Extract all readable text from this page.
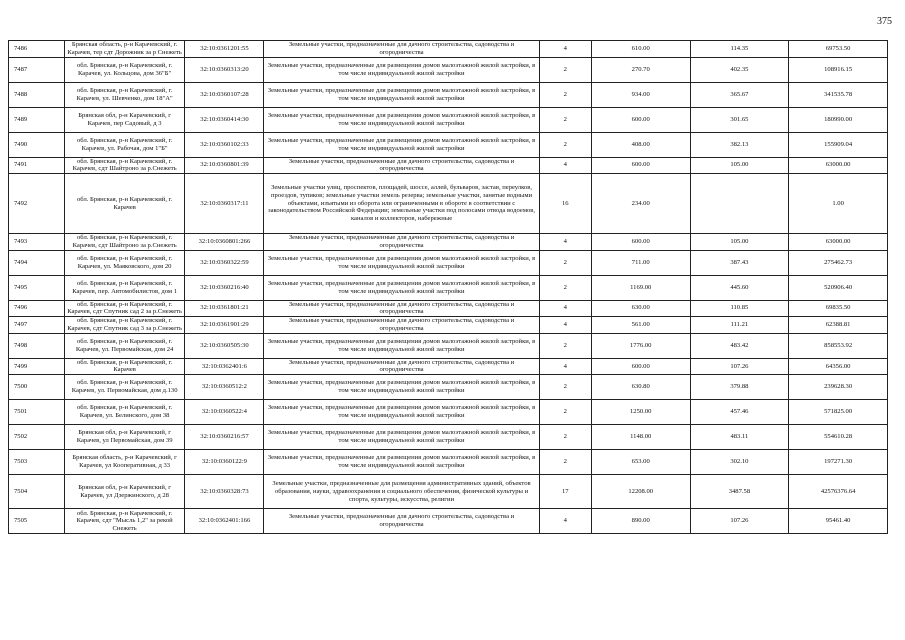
375
7486	Брянская область, р-н Карачевский, г. Карачев, тер сдт Дорожник за р Снежеть	32:10:0361201:55	Земельные участки, предназначенные для дачного строительства, садоводства и огородничества	4	610.00	114.35	69753.50
7487	обл. Брянская, р-н Карачевский, г. Карачев, ул. Кольцова, дом 36"Б"	32:10:0360313:20	Земельные участки, предназначенные для размещения домов малоэтажной жилой застройки, в том числе индивидуальной жилой застройки	2	270.70	402.35	108916.15
7488	обл. Брянская, р-н Карачевский, г. Карачев, ул. Шевченко, дом 18"А"	32:10:0360107:28	Земельные участки, предназначенные для размещения домов малоэтажной жилой застройки, в том числе индивидуальной жилой застройки	2	934.00	365.67	341535.78
7489	Брянская обл, р-н Карачевский, г Карачев, пер Садовый, д 3	32:10:0360414:30	Земельные участки, предназначенные для размещения домов малоэтажной жилой застройки, в том числе индивидуальной жилой застройки	2	600.00	301.65	180990.00
7490	обл. Брянская, р-н Карачевский, г. Карачев, ул. Рабочая, дом 1"Б"	32:10:0360102:33	Земельные участки, предназначенные для размещения домов малоэтажной жилой застройки, в том числе индивидуальной жилой застройки	2	408.00	382.13	155909.04
7491	обл. Брянская, р-н Карачевский, г. Карачев, сдт Шайтроно за р.Снежеть	32:10:0360801:39	Земельные участки, предназначенные для дачного строительства, садоводства и огородничества	4	600.00	105.00	63000.00
7492	обл. Брянская, р-н Карачевский, г. Карачев	32:10:0360317:11	Земельные участки улиц, проспектов, площадей, шоссе, аллей, бульваров, застав, переулков, проездов, тупиков; земельные участки земель резерва; земельные участки, занятые водными объектами, изъятыми из оборота или ограниченными в обороте в соответствии с законодательством Российской Федерации; земельные участки под полосами отвода водоемов, каналов и коллекторов, набережные	16	234.00		1.00
7493	обл. Брянская, р-н Карачевский, г. Карачев, сдт Шайтроно за р.Снежеть	32:10:0360801:266	Земельные участки, предназначенные для дачного строительства, садоводства и огородничества	4	600.00	105.00	63000.00
7494	обл. Брянская, р-н Карачевский, г. Карачев, ул. Маяковского, дом 20	32:10:0360322:59	Земельные участки, предназначенные для размещения домов малоэтажной жилой застройки, в том числе индивидуальной жилой застройки	2	711.00	387.43	275462.73
7495	обл. Брянская, р-н Карачевский, г. Карачев, пер. Автомобилистов, дом 1	32:10:0360216:40	Земельные участки, предназначенные для размещения домов малоэтажной жилой застройки, в том числе индивидуальной жилой застройки	2	1169.00	445.60	520906.40
7496	обл. Брянская, р-н Карачевский, г. Карачев, сдт Спутник сад 2 за р.Снежеть	32:10:0361801:21	Земельные участки, предназначенные для дачного строительства, садоводства и огородничества	4	630.00	110.85	69835.50
7497	обл. Брянская, р-н Карачевский, г. Карачев, сдт Спутник сад 3 за р.Снежеть	32:10:0361901:29	Земельные участки, предназначенные для дачного строительства, садоводства и огородничества	4	561.00	111.21	62388.81
7498	обл. Брянская, р-н Карачевский, г. Карачев, ул. Первомайская, дом 24	32:10:0360505:30	Земельные участки, предназначенные для размещения домов малоэтажной жилой застройки, в том числе индивидуальной жилой застройки	2	1776.00	483.42	858553.92
7499	обл. Брянская, р-н Карачевский, г. Карачев	32:10:0362401:6	Земельные участки, предназначенные для дачного строительства, садоводства и огородничества	4	600.00	107.26	64356.00
7500	обл. Брянская, р-н Карачевский, г. Карачев, ул. Первомайская, дом д.130	32:10:0360512:2	Земельные участки, предназначенные для размещения домов малоэтажной жилой застройки, в том числе индивидуальной жилой застройки	2	630.80	379.88	239628.30
7501	обл. Брянская, р-н Карачевский, г. Карачев, ул. Белинского, дом 38	32:10:0360522:4	Земельные участки, предназначенные для размещения домов малоэтажной жилой застройки, в том числе индивидуальной жилой застройки	2	1250.00	457.46	571825.00
7502	Брянская обл, р-н Карачевский, г Карачев, ул Первомайская, дом 39	32:10:0360216:57	Земельные участки, предназначенные для размещения домов малоэтажной жилой застройки, в том числе индивидуальной жилой застройки	2	1148.00	483.11	554610.28
7503	Брянская область, р-н Карачевский, г Карачев, ул Кооперативная, д 33	32:10:0360122:9	Земельные участки, предназначенные для размещения домов малоэтажной жилой застройки, в том числе индивидуальной жилой застройки	2	653.00	302.10	197271.30
7504	Брянская обл, р-н Карачевский, г Карачев, ул Дзержинского, д 28	32:10:0360328:73	Земельные участки, предназначенные для размещения административных зданий, объектов образования, науки, здравоохранения и социального обеспечения, физической культуры и спорта, культуры, искусства, религии	17	12208.00	3487.58	42576376.64
7505	обл. Брянская, р-н Карачевский, г. Карачев, сдт "Мысль 1,2" за рекой Снежеть	32:10:0362401:166	Земельные участки, предназначенные для дачного строительства, садоводства и огородничества	4	890.00	107.26	95461.40
